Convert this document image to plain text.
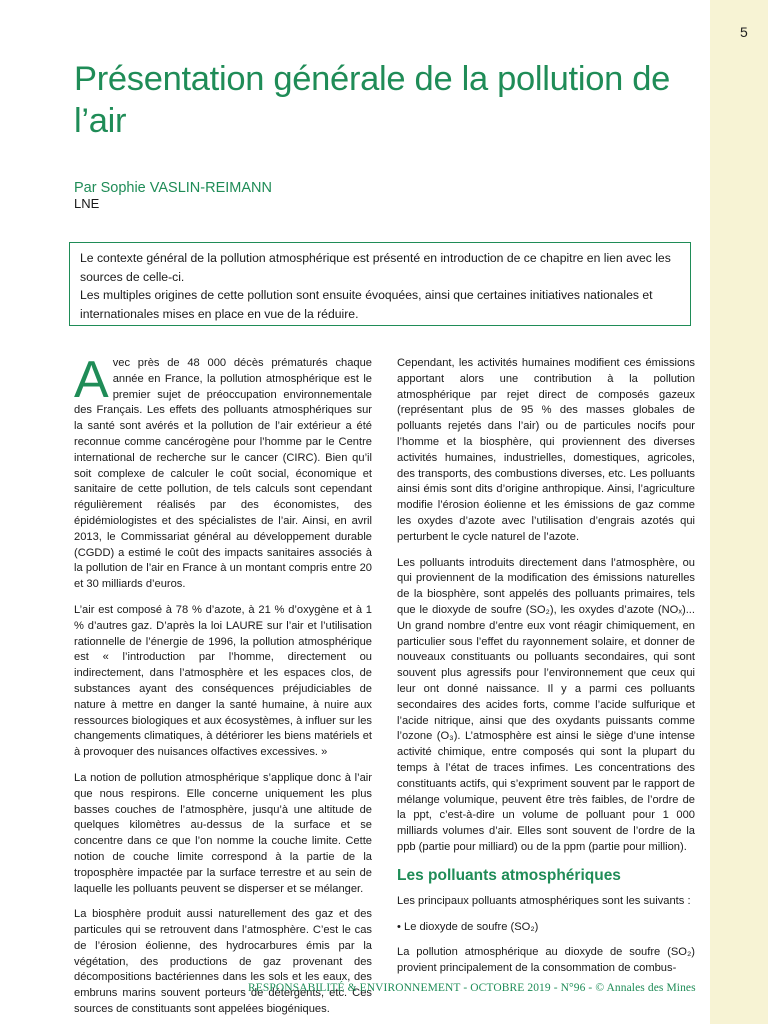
5
Présentation générale de la pollution de l’air
Par Sophie VASLIN-REIMANN
LNE

Le contexte général de la pollution atmosphérique est présenté en introduction de ce chapitre en lien avec les sources de celle-ci.

Les multiples origines de cette pollution sont ensuite évoquées, ainsi que certaines initiatives nationales et internationales mises en place en vue de la réduire.

Avec près de 48 000 décès prématurés chaque année en France, la pollution atmosphérique est le premier sujet de préoccupation environnementale des Français. Les effets des polluants atmosphériques sur la santé sont avérés et la pollution de l’air extérieur a été reconnue comme cancérogène pour l’homme par le Centre international de recherche sur le cancer (CIRC). Bien qu’il soit complexe de calculer le coût social, économique et sanitaire de cette pollution, de tels calculs sont cependant régulièrement réalisés par des économistes, des épidémiologistes et des spécialistes de l’air. Ainsi, en avril 2013, le Commissariat général au développement durable (CGDD) a estimé le coût des impacts sanitaires associés à la pollution de l’air en France à un montant compris entre 20 et 30 milliards d’euros.

L’air est composé à 78 % d’azote, à 21 % d’oxygène et à 1 % d’autres gaz. D’après la loi LAURE sur l’air et l’utilisation rationnelle de l’énergie de 1996, la pollution atmosphérique est « l’introduction par l’homme, directement ou indirectement, dans l’atmosphère et les espaces clos, de substances ayant des conséquences préjudiciables de nature à mettre en danger la santé humaine, à nuire aux ressources biologiques et aux écosystèmes, à influer sur les changements climatiques, à détériorer les biens matériels et à provoquer des nuisances olfactives excessives. »

La notion de pollution atmosphérique s’applique donc à l’air que nous respirons. Elle concerne uniquement les plus basses couches de l’atmosphère, jusqu’à une altitude de quelques kilomètres au-dessus de la surface et se concentre dans ce que l’on nomme la couche limite. Cette notion de couche limite correspond à la partie de la troposphère impactée par la surface terrestre et au sein de laquelle les polluants peuvent se disperser et se mélanger.

La biosphère produit aussi naturellement des gaz et des particules qui se retrouvent dans l’atmosphère. C’est le cas de l’érosion éolienne, des hydrocarbures émis par la végétation, des productions de gaz provenant des décompositions bactériennes dans les sols et les eaux, des embruns marins souvent porteurs de détergents, etc. Ces sources de constituants sont appelées biogéniques.

Cependant, les activités humaines modifient ces émissions apportant alors une contribution à la pollution atmosphérique par rejet direct de composés gazeux (représentant plus de 95 % des masses globales de polluants rejetés dans l’air) ou de particules nocifs pour l’homme et la biosphère, qui proviennent des diverses activités humaines, industrielles, domestiques, agricoles, des transports, des combustions diverses, etc. Les polluants ainsi émis sont dits d’origine anthropique. Ainsi, l’agriculture modifie l’érosion éolienne et les émissions de gaz comme les oxydes d’azote avec l’utilisation d’engrais azotés qui perturbent le cycle naturel de l’azote.

Les polluants introduits directement dans l’atmosphère, ou qui proviennent de la modification des émissions naturelles de la biosphère, sont appelés des polluants primaires, tels que le dioxyde de soufre (SO₂), les oxydes d’azote (NOₓ)... Un grand nombre d’entre eux vont réagir chimiquement, en particulier sous l’effet du rayonnement solaire, et donner de nouveaux constituants ou polluants secondaires, qui sont souvent plus agressifs pour l’environnement que ceux qui leur ont donné naissance. Il y a parmi ces polluants secondaires des acides forts, comme l’acide sulfurique et l’acide nitrique, ainsi que des oxydants puissants comme l’ozone (O₃). L’atmosphère est ainsi le siège d’une intense activité chimique, entre composés qui sont la plupart du temps à l’état de traces infimes. Les concentrations des constituants actifs, qui s’expriment souvent par le rapport de mélange volumique, peuvent être très faibles, de l’ordre de la ppt, c’est-à-dire un volume de polluant pour 1 000 milliards volumes d’air. Elles sont souvent de l’ordre de la ppb (partie pour milliard) ou de la ppm (partie pour million).

Les polluants atmosphériques

Les principaux polluants atmosphériques sont les suivants :

• Le dioxyde de soufre (SO₂)

La pollution atmosphérique au dioxyde de soufre (SO₂) provient principalement de la consommation de combus-

RESPONSABILITÉ & ENVIRONNEMENT - OCTOBRE 2019 - N°96 - © Annales des Mines
